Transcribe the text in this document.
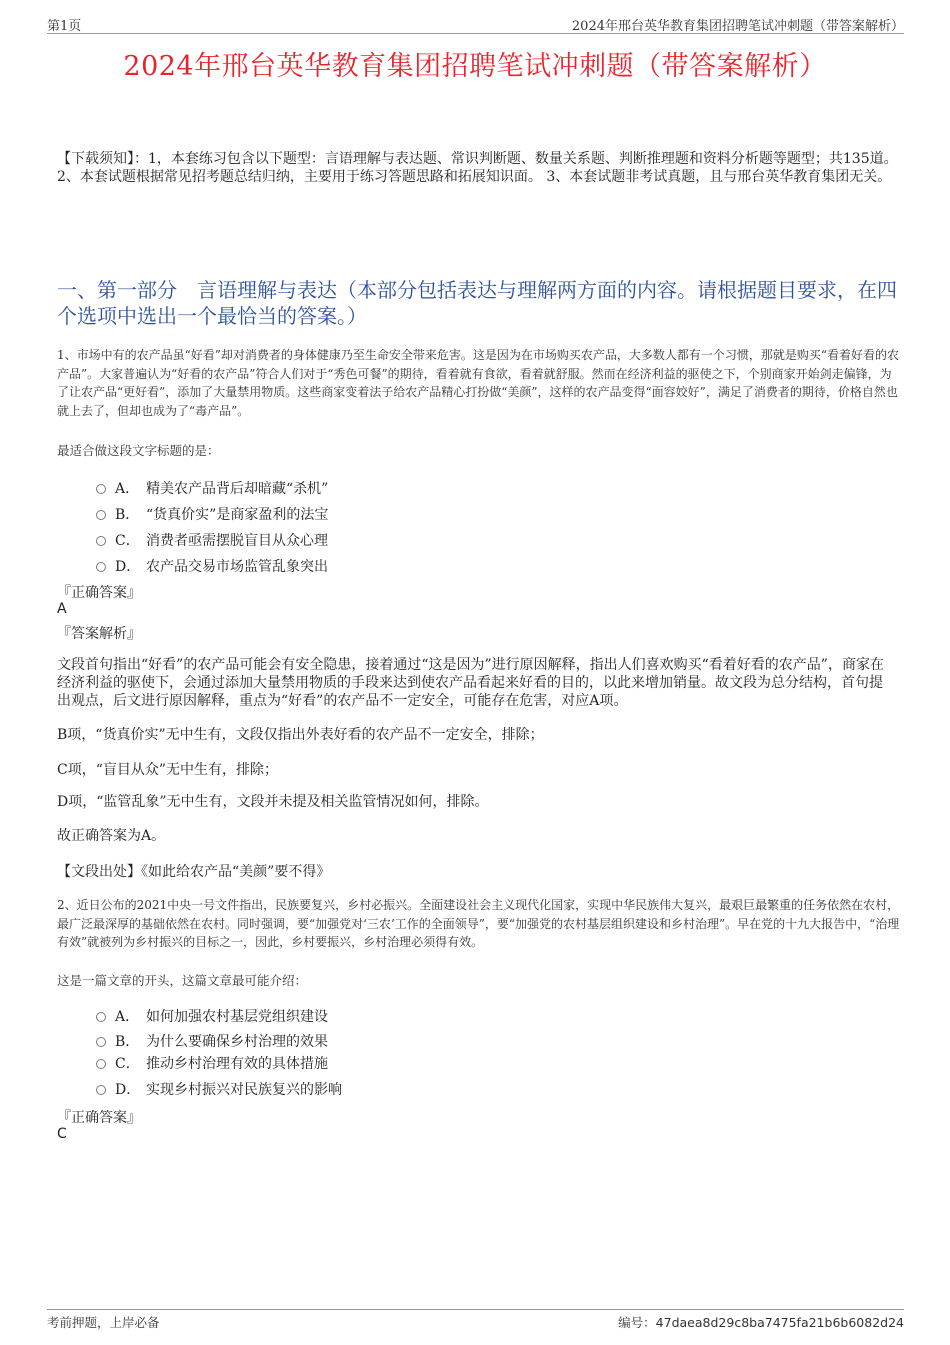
第1页	2024年邢台英华教育集团招聘笔试冲刺题（带答案解析）
2024年邢台英华教育集团招聘笔试冲刺题（带答案解析）
【下载须知】：1，本套练习包含以下题型：言语理解与表达题、常识判断题、数量关系题、判断推理题和资料分析题等题型；共135道。 2、本套试题根据常见招考题总结归纳，主要用于练习答题思路和拓展知识面。 3、本套试题非考试真题，且与邢台英华教育集团无关。
一、第一部分　言语理解与表达（本部分包括表达与理解两方面的内容。请根据题目要求，在四个选项中选出一个最恰当的答案。）
1、市场中有的农产品虽“好看”却对消费者的身体健康乃至生命安全带来危害。这是因为在市场购买农产品，大多数人都有一个习惯，那就是购买“看着好看的农产品”。大家普遍认为“好看的农产品”符合人们对于“秀色可餐”的期待，看着就有食欲，看着就舒服。然而在经济利益的驱使之下，个别商家开始剑走偏锋，为了让农产品“更好看”，添加了大量禁用物质。这些商家变着法子给农产品精心打扮做“美颜”，这样的农产品变得“面容姣好”，满足了消费者的期待，价格自然也就上去了，但却也成为了“毒产品”。
最适合做这段文字标题的是：
A． 精美农产品背后却暗藏“杀机”
B． “货真价实”是商家盈利的法宝
C． 消费者亟需摆脱盲目从众心理
D． 农产品交易市场监管乱象突出
『正确答案』
A
『答案解析』
文段首句指出“好看”的农产品可能会有安全隐患，接着通过“这是因为”进行原因解释，指出人们喜欢购买“看着好看的农产品”，商家在经济利益的驱使下，会通过添加大量禁用物质的手段来达到使农产品看起来好看的目的，以此来增加销量。故文段为总分结构，首句提出观点，后文进行原因解释，重点为“好看”的农产品不一定安全，可能存在危害，对应A项。
B项，“货真价实”无中生有，文段仅指出外表好看的农产品不一定安全，排除；
C项，“盲目从众”无中生有，排除；
D项，“监管乱象”无中生有，文段并未提及相关监管情况如何，排除。
故正确答案为A。
【文段出处】《如此给农产品“美颜”要不得》
2、近日公布的2021中央一号文件指出，民族要复兴，乡村必振兴。全面建设社会主义现代化国家，实现中华民族伟大复兴，最艰巨最繁重的任务依然在农村，最广泛最深厚的基础依然在农村。同时强调，要“加强党对‘三农’工作的全面领导”，要“加强党的农村基层组织建设和乡村治理”。早在党的十九大报告中，“治理有效”就被列为乡村振兴的目标之一，因此，乡村要振兴，乡村治理必须得有效。
这是一篇文章的开头，这篇文章最可能介绍：
A． 如何加强农村基层党组织建设
B． 为什么要确保乡村治理的效果
C． 推动乡村治理有效的具体措施
D． 实现乡村振兴对民族复兴的影响
『正确答案』
C
考前押题，上岸必备	编号：47daea8d29c8ba7475fa21b6b6082d24
